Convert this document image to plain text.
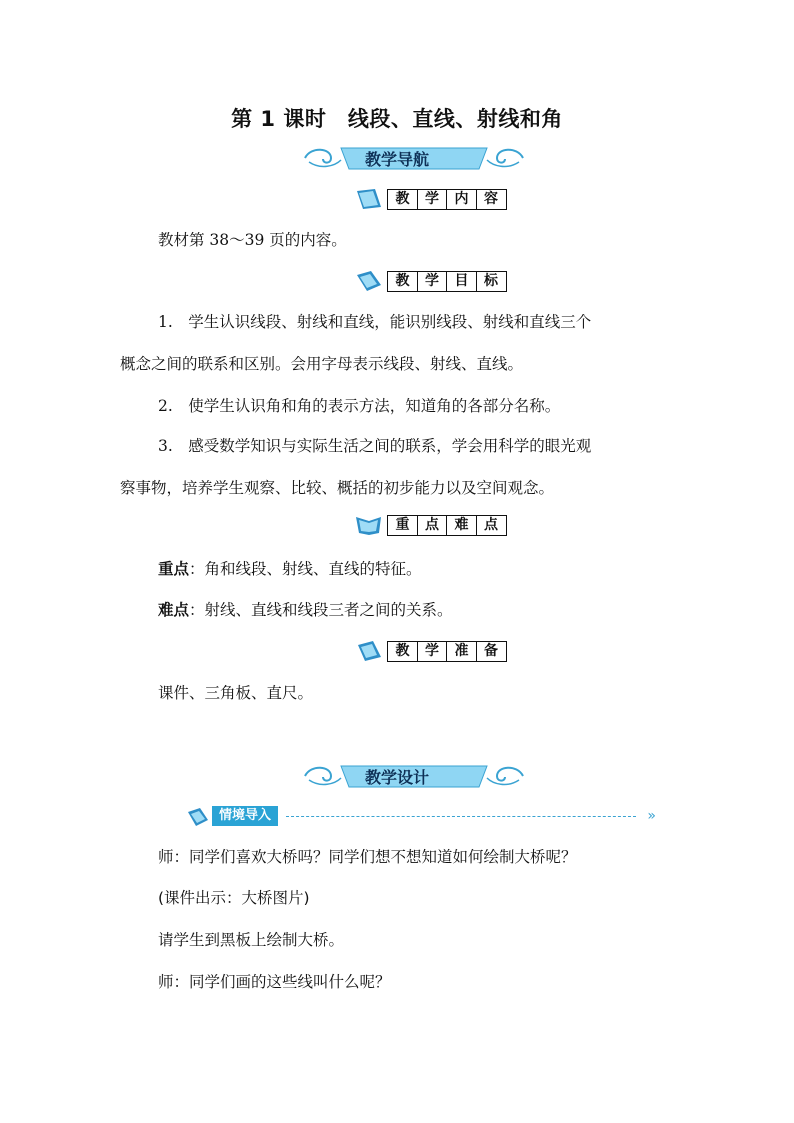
第 1 课时　线段、直线、射线和角
教学导航
教	学	内	容
教材第 38～39 页的内容。
教	学	目	标
1.　学生认识线段、射线和直线，能识别线段、射线和直线三个
概念之间的联系和区别。会用字母表示线段、射线、直线。
2.　使学生认识角和角的表示方法，知道角的各部分名称。
3.　感受数学知识与实际生活之间的联系，学会用科学的眼光观
察事物，培养学生观察、比较、概括的初步能力以及空间观念。
重	点	难	点
重点：角和线段、射线、直线的特征。
难点：射线、直线和线段三者之间的关系。
教	学	准	备
课件、三角板、直尺。
教学设计
情境导入	»
师：同学们喜欢大桥吗？同学们想不想知道如何绘制大桥呢？
(课件出示：大桥图片)
请学生到黑板上绘制大桥。
师：同学们画的这些线叫什么呢？
